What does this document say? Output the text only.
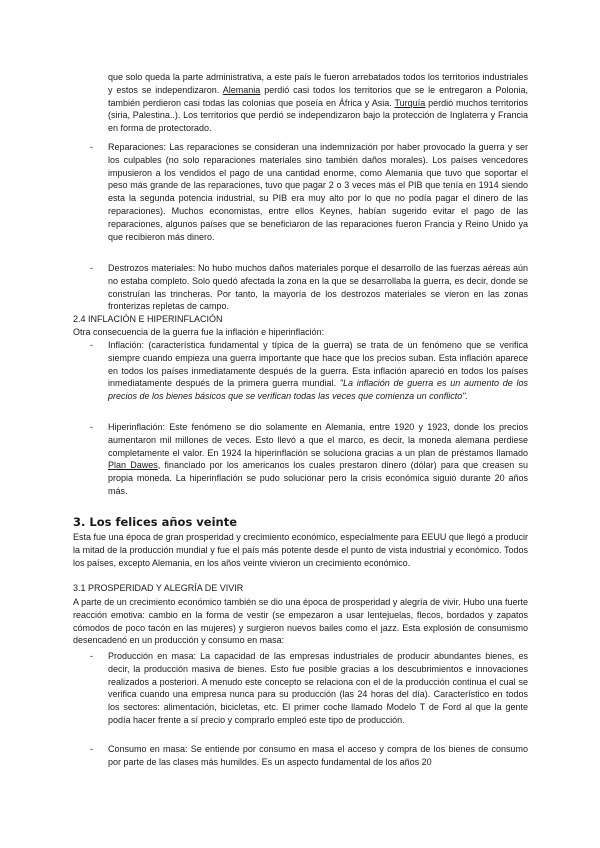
que solo queda la parte administrativa, a este país le fueron arrebatados todos los territorios industriales y estos se independizaron. Alemania perdió casi todos los territorios que se le entregaron a Polonia, también perdieron casi todas las colonias que poseía en África y Asia. Turquía perdió muchos territorios (siria, Palestina..). Los territorios que perdió se independizaron bajo la protección de Inglaterra y Francia en forma de protectorado.

- Reparaciones: Las reparaciones se consideran una indemnización por haber provocado la guerra y ser los culpables (no solo reparaciones materiales sino también daños morales). Los países vencedores impusieron a los vendidos el pago de una cantidad enorme, como Alemania que tuvo que soportar el peso más grande de las reparaciones, tuvo que pagar 2 o 3 veces más el PIB que tenía en 1914 siendo esta la segunda potencia industrial, su PIB era muy alto por lo que no podía pagar el dinero de las reparaciones). Muchos economistas, entre ellos Keynes, habían sugerido evitar el pago de las reparaciones, algunos países que se beneficiaron de las reparaciones fueron Francia y Reino Unido ya que recibieron más dinero.

- Destrozos materiales: No hubo muchos daños materiales porque el desarrollo de las fuerzas aéreas aún no estaba completo. Solo quedó afectada la zona en la que se desarrollaba la guerra, es decir, donde se construían las trincheras. Por tanto, la mayoría de los destrozos materiales se vieron en las zonas fronterizas repletas de campo.

2.4 INFLACIÓN E HIPERINFLACIÓN

Otra consecuencia de la guerra fue la inflación e hiperinflación:

- Inflación: (característica fundamental y típica de la guerra) se trata de un fenómeno que se verifica siempre cuando empieza una guerra importante que hace que los precios suban. Esta inflación aparece en todos los países inmediatamente después de la guerra. Esta inflación apareció en todos los países inmediatamente después de la primera guerra mundial. "La inflación de guerra es un aumento de los precios de los bienes básicos que se verifican todas las veces que comienza un conflicto".

- Hiperinflación: Este fenómeno se dio solamente en Alemania, entre 1920 y 1923, donde los precios aumentaron mil millones de veces. Esto llevó a que el marco, es decir, la moneda alemana perdiese completamente el valor. En 1924 la hiperinflación se soluciona gracias a un plan de préstamos llamado Plan Dawes, financiado por los americanos los cuales prestaron dinero (dólar) para que creasen su propia moneda. La hiperinflación se pudo solucionar pero la crisis económica siguió durante 20 años más.

3. Los felices años veinte

Esta fue una época de gran prosperidad y crecimiento económico, especialmente para EEUU que llegó a producir la mitad de la producción mundial y fue el país más potente desde el punto de vista industrial y económico. Todos los países, excepto Alemania, en los años veinte vivieron un crecimiento económico.

3.1 PROSPERIDAD Y ALEGRÍA DE VIVIR

A parte de un crecimiento económico también se dio una época de prosperidad y alegría de vivir. Hubo una fuerte reacción emotiva: cambio en la forma de vestir (se empezaron a usar lentejuelas, flecos, bordados y zapatos cómodos de poco tacón en las mujeres) y surgieron nuevos bailes como el jazz. Esta explosión de consumismo desencadenó en un producción y consumo en masa:

- Producción en masa: La capacidad de las empresas industriales de producir abundantes bienes, es decir, la producción masiva de bienes. Esto fue posible gracias a los descubrimientos e innovaciones realizados a posteriori. A menudo este concepto se relaciona con el de la producción continua el cual se verifica cuando una empresa nunca para su producción (las 24 horas del día). Característico en todos los sectores: alimentación, bicicletas, etc. El primer coche llamado Modelo T de Ford al que la gente podía hacer frente a sí precio y comprarlo empleó este tipo de producción.

- Consumo en masa: Se entiende por consumo en masa el acceso y compra de los bienes de consumo por parte de las clases más humildes. Es un aspecto fundamental de los años 20
